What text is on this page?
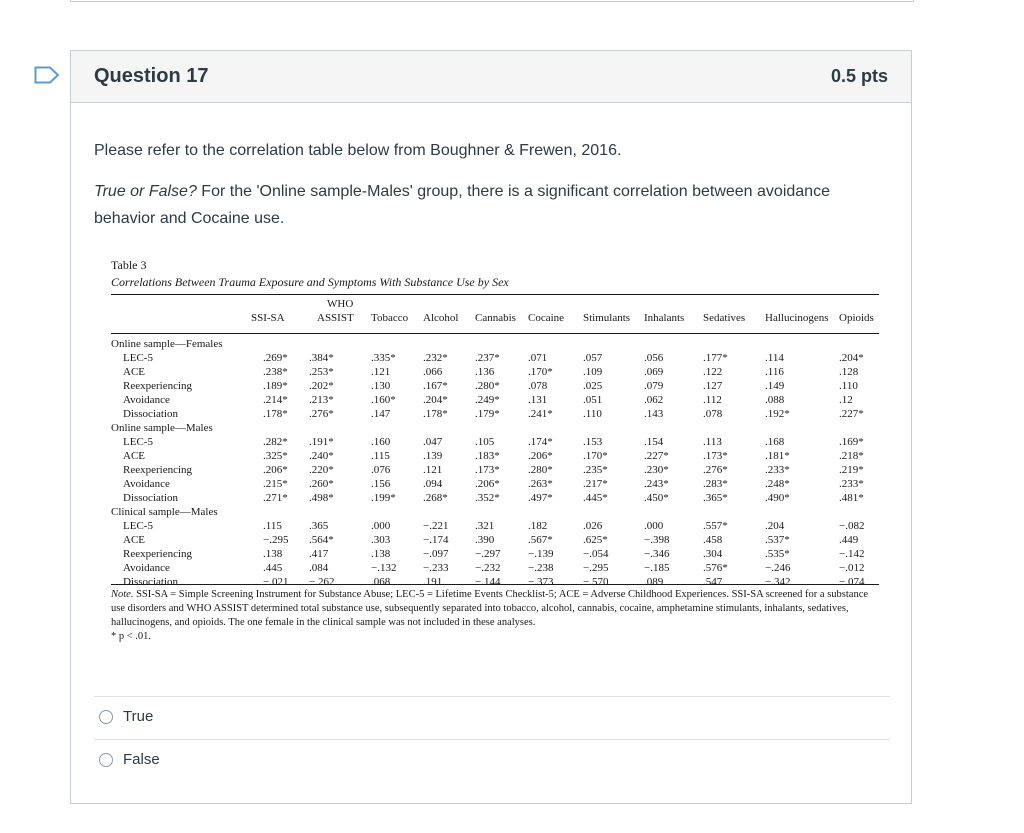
Question 17	0.5 pts

Please refer to the correlation table below from Boughner & Frewen, 2016.

True or False? For the 'Online sample-Males' group, there is a significant correlation between avoidance behavior and Cocaine use.

Table 3
Correlations Between Trauma Exposure and Symptoms With Substance Use by Sex
SSI-SA
WHO
ASSIST Tobacco Alcohol Cannabis Cocaine Stimulants Inhalants Sedatives Hallucinogens Opioids
Online sample—Females
LEC-5	.269* .384*	.335* .232* .237*	.071	.057	.056	.177*	.114	.204*
ACE	.238* .253*	.121	.066	.136	.170*	.109	.069	.122	.116	.128
Reexperiencing	.189* .202*	.130	.167* .280*	.078	.025	.079	.127	.149	.110
Avoidance	.214* .213*	.160* .204* .249*	.131	.051	.062	.112	.088	.12
Dissociation	.178* .276*	.147	.178* .179*	.241*	.110	.143	.078	.192*	.227*
Online sample—Males
LEC-5	.282* .191*	.160	.047	.105	.174*	.153	.154	.113	.168	.169*
ACE	.325* .240*	.115	.139	.183*	.206*	.170*	.227*	.173*	.181*	.218*
Reexperiencing	.206* .220*	.076	.121	.173*	.280*	.235*	.230*	.276*	.233*	.219*
Avoidance	.215* .260*	.156	.094	.206*	.263*	.217*	.243*	.283*	.248*	.233*
Dissociation	.271* .498*	.199* .268* .352*	.497*	.445*	.450*	.365*	.490*	.481*
Clinical sample—Males
LEC-5	.115 .365	.000	−.221 .321	.182	.026	.000	.557*	.204	−.082
ACE	−.295 .564*	.303	−.174 .390	.567*	.625*	−.398	.458	.537*	.449
Reexperiencing	.138 .417	.138	−.097 −.297	−.139	−.054	−.346	.304	.535*	−.142
Avoidance	.445 .084	−.132 −.233 −.232	−.238	−.295	−.185	.576*	−.246	−.012
Dissociation	−.021 −.262	.068	.191	−.144	−.373	−.570	.089	.547	−.342	−.074
Note. SSI-SA = Simple Screening Instrument for Substance Abuse; LEC-5 = Lifetime Events Checklist-5; ACE = Adverse Childhood Experiences. SSI-SA screened for a substance use disorders and WHO ASSIST determined total substance use, subsequently separated into tobacco, alcohol, cannabis, cocaine, amphetamine stimulants, inhalants, sedatives, hallucinogens, and opioids. The one female in the clinical sample was not included in these analyses.
* p < .01.
True
False
